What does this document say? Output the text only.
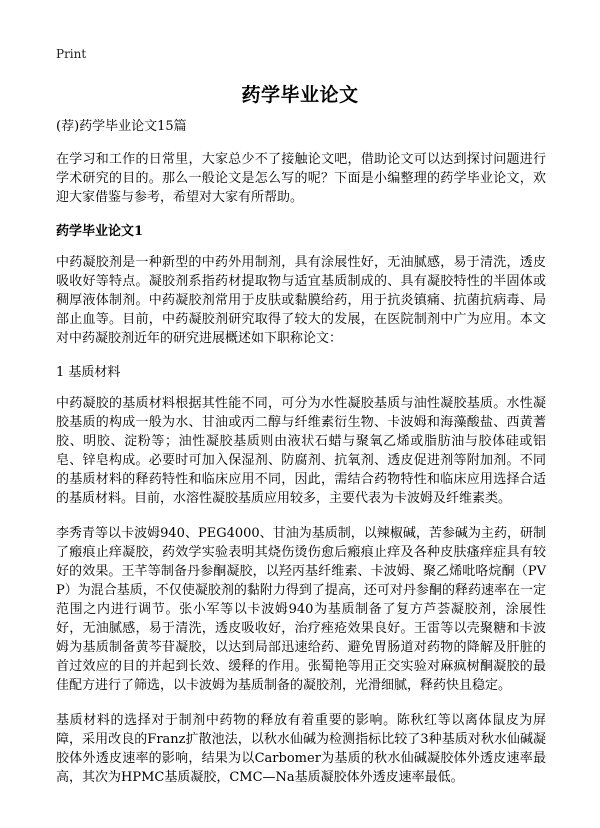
Print
药学毕业论文
(荐)药学毕业论文15篇

在学习和工作的日常里，大家总少不了接触论文吧，借助论文可以达到探讨问题进行学术研究的目的。那么一般论文是怎么写的呢？下面是小编整理的药学毕业论文，欢迎大家借鉴与参考，希望对大家有所帮助。

药学毕业论文1

中药凝胶剂是一种新型的中药外用制剂，具有涂展性好，无油腻感，易于清洗，透皮吸收好等特点。凝胶剂系指药材提取物与适宜基质制成的、具有凝胶特性的半固体或稠厚液体制剂。中药凝胶剂常用于皮肤或黏膜给药，用于抗炎镇痛、抗菌抗病毒、局部止血等。目前，中药凝胶剂研究取得了较大的发展，在医院制剂中广为应用。本文对中药凝胶剂近年的研究进展概述如下职称论文：

1 基质材料

中药凝胶的基质材料根据其性能不同，可分为水性凝胶基质与油性凝胶基质。水性凝胶基质的构成一般为水、甘油或丙二醇与纤维素衍生物、卡波姆和海藻酸盐、西黄蓍胶、明胶、淀粉等；油性凝胶基质则由液状石蜡与聚氧乙烯或脂肪油与胶体硅或铝皂、锌皂构成。必要时可加入保湿剂、防腐剂、抗氧剂、透皮促进剂等附加剂。不同的基质材料的释药特性和临床应用不同，因此，需结合药物特性和临床应用选择合适的基质材料。目前，水溶性凝胶基质应用较多，主要代表为卡波姆及纤维素类。

李秀青等以卡波姆940、PEG4000、甘油为基质制，以辣椒碱，苦参碱为主药，研制了瘢痕止痒凝胶，药效学实验表明其烧伤烫伤愈后瘢痕止痒及各种皮肤瘙痒症具有较好的效果。王芊等制备丹参酮凝胶，以羟丙基纤维素、卡波姆、聚乙烯吡咯烷酮（PVP）为混合基质，不仅使凝胶剂的黏附力得到了提高，还可对丹参酮的释药速率在一定范围之内进行调节。张小军等以卡波姆940为基质制备了复方芦荟凝胶剂，涂展性好，无油腻感，易于清洗，透皮吸收好，治疗痤疮效果良好。王雷等以壳聚糖和卡波姆为基质制备黄芩苷凝胶，以达到局部迅速给药、避免胃肠道对药物的降解及肝脏的首过效应的目的并起到长效、缓释的作用。张蜀艳等用正交实验对麻疯树酮凝胶的最佳配方进行了筛选，以卡波姆为基质制备的凝胶剂，光滑细腻，释药快且稳定。

基质材料的选择对于制剂中药物的释放有着重要的影响。陈秋红等以离体鼠皮为屏障，采用改良的Franz扩散池法，以秋水仙碱为检测指标比较了3种基质对秋水仙碱凝胶体外透皮速率的影响，结果为以Carbomer为基质的秋水仙碱凝胶体外透皮速率最高，其次为HPMC基质凝胶，CMC—Na基质凝胶体外透皮速率最低。
